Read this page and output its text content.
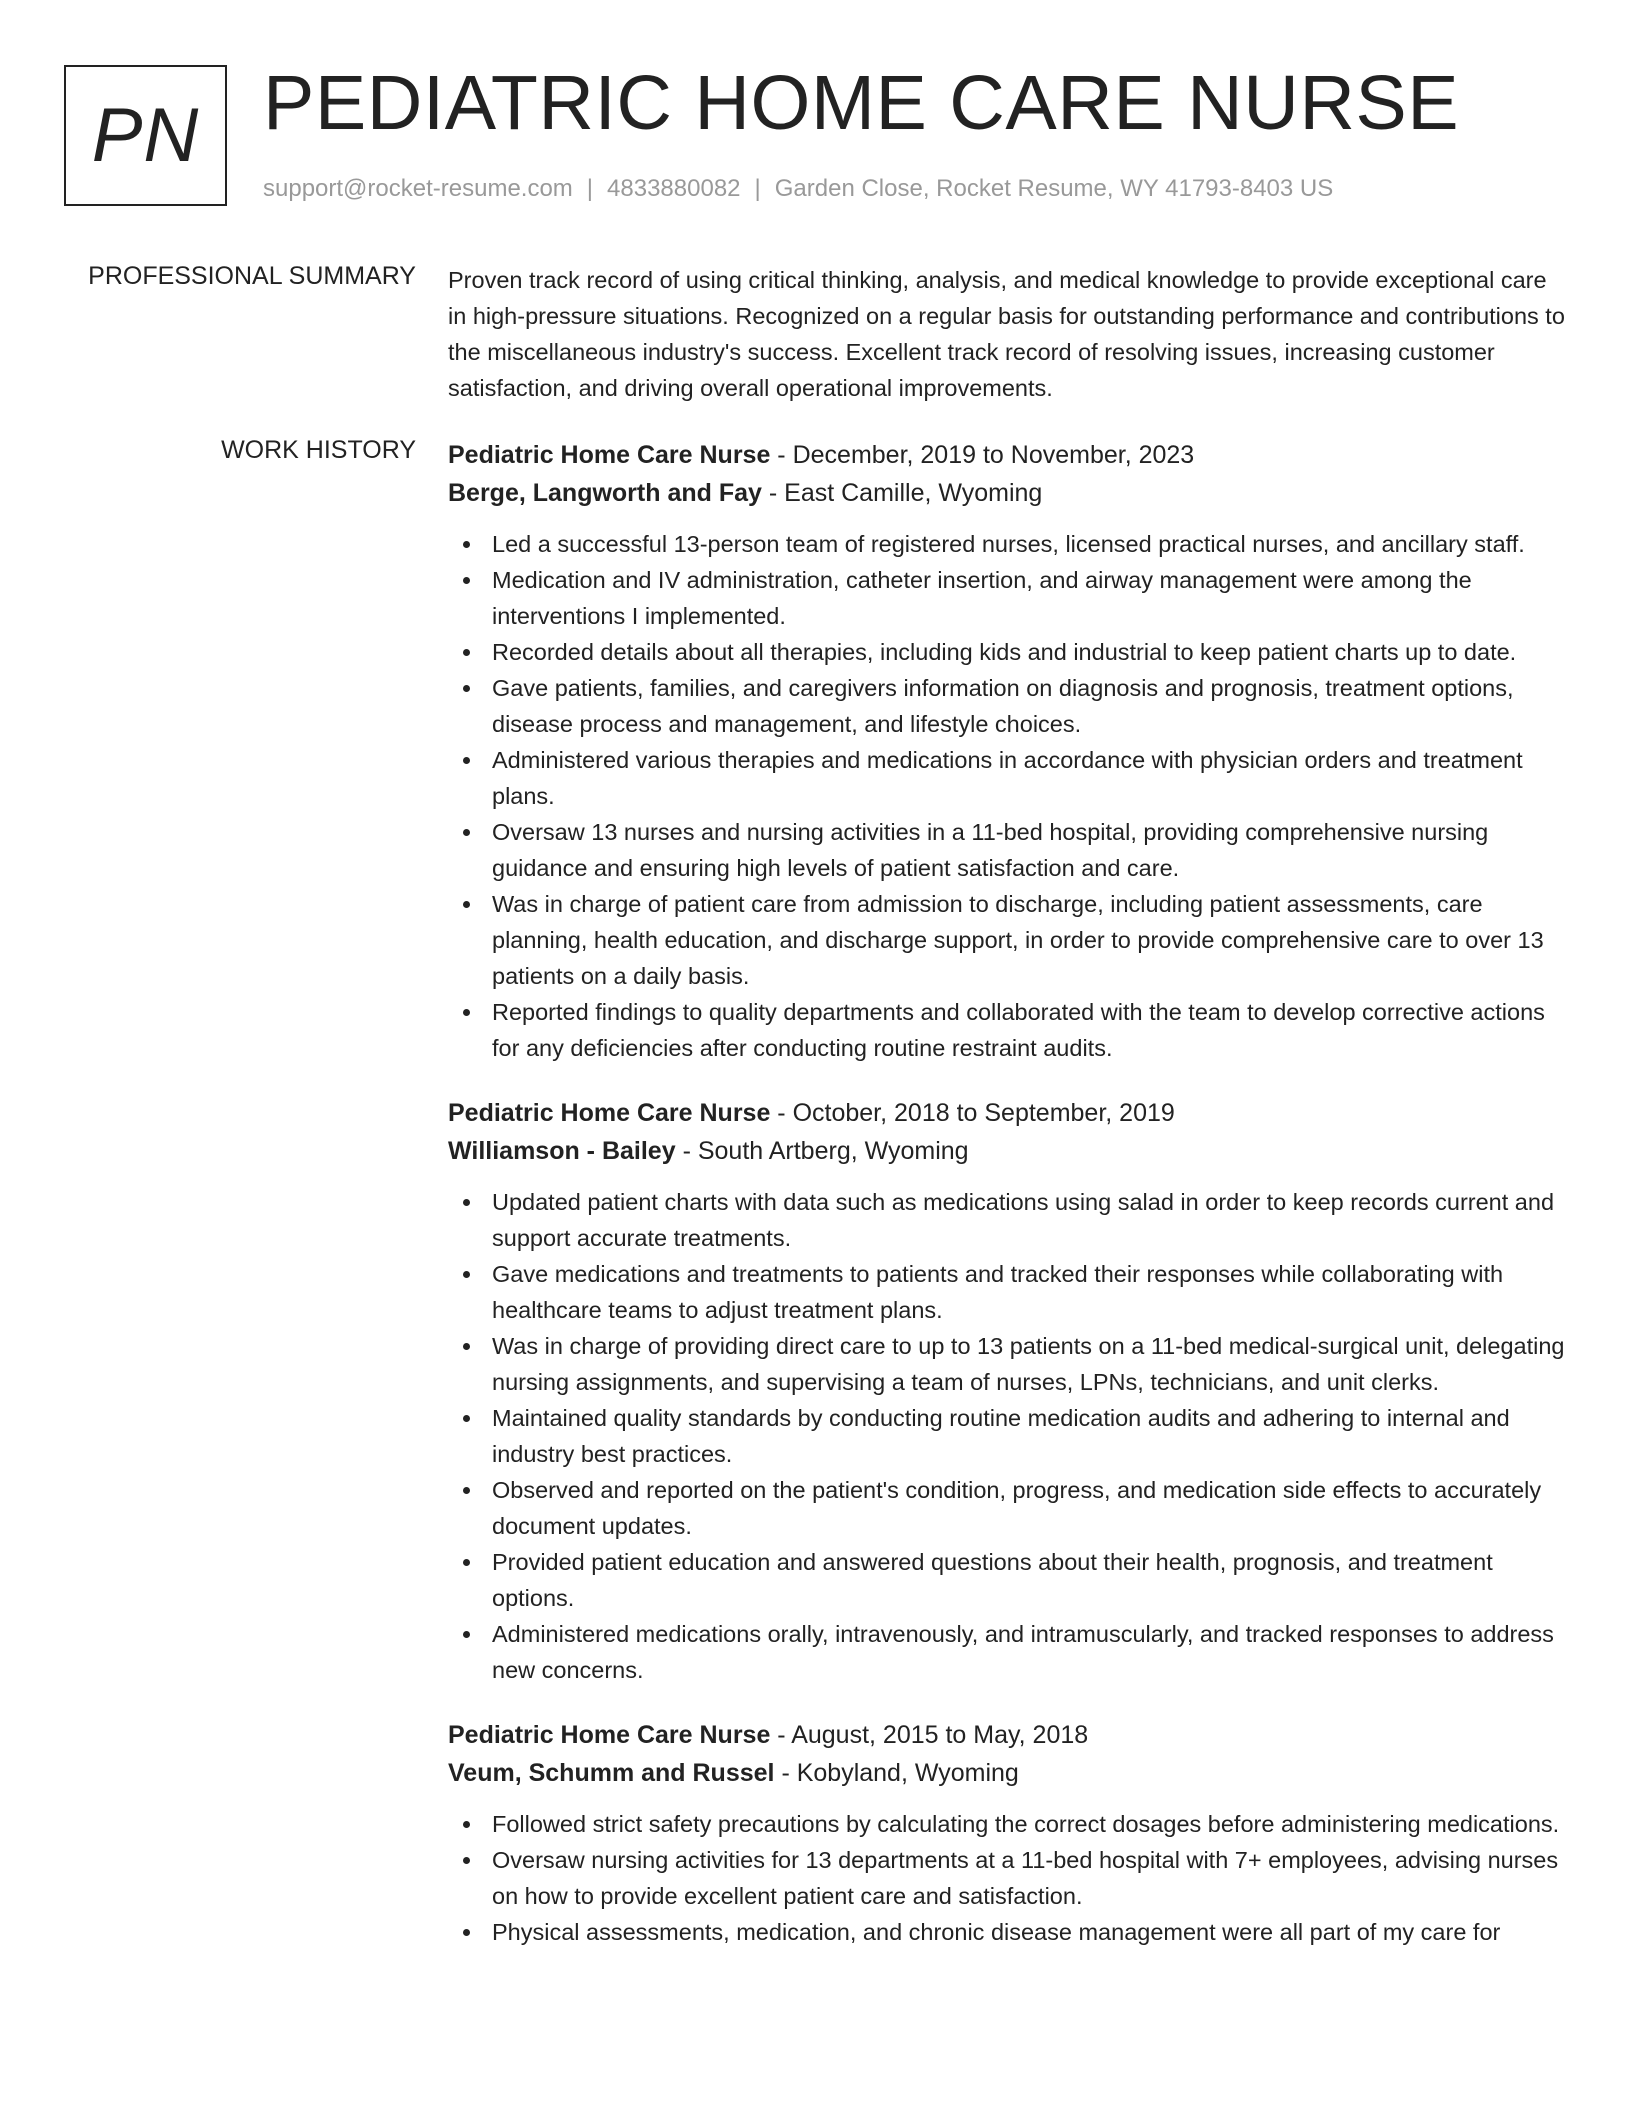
PN PEDIATRIC HOME CARE NURSE
support@rocket-resume.com | 4833880082 | Garden Close, Rocket Resume, WY 41793-8403 US
PROFESSIONAL SUMMARY Proven track record of using critical thinking, analysis, and medical knowledge to provide exceptional care in high-pressure situations. Recognized on a regular basis for outstanding performance and contributions to the miscellaneous industry's success. Excellent track record of resolving issues, increasing customer satisfaction, and driving overall operational improvements.

WORK HISTORY Pediatric Home Care Nurse - December, 2019 to November, 2023
Berge, Langworth and Fay - East Camille, Wyoming
Led a successful 13-person team of registered nurses, licensed practical nurses, and ancillary staff.
Medication and IV administration, catheter insertion, and airway management were among the interventions I implemented.
Recorded details about all therapies, including kids and industrial to keep patient charts up to date.
Gave patients, families, and caregivers information on diagnosis and prognosis, treatment options, disease process and management, and lifestyle choices.
Administered various therapies and medications in accordance with physician orders and treatment plans.
Oversaw 13 nurses and nursing activities in a 11-bed hospital, providing comprehensive nursing guidance and ensuring high levels of patient satisfaction and care.
Was in charge of patient care from admission to discharge, including patient assessments, care planning, health education, and discharge support, in order to provide comprehensive care to over 13 patients on a daily basis.
Reported findings to quality departments and collaborated with the team to develop corrective actions for any deficiencies after conducting routine restraint audits.
Pediatric Home Care Nurse - October, 2018 to September, 2019
Williamson - Bailey - South Artberg, Wyoming
Updated patient charts with data such as medications using salad in order to keep records current and support accurate treatments.
Gave medications and treatments to patients and tracked their responses while collaborating with healthcare teams to adjust treatment plans.
Was in charge of providing direct care to up to 13 patients on a 11-bed medical-surgical unit, delegating nursing assignments, and supervising a team of nurses, LPNs, technicians, and unit clerks.
Maintained quality standards by conducting routine medication audits and adhering to internal and industry best practices.
Observed and reported on the patient's condition, progress, and medication side effects to accurately document updates.
Provided patient education and answered questions about their health, prognosis, and treatment options.
Administered medications orally, intravenously, and intramuscularly, and tracked responses to address new concerns.
Pediatric Home Care Nurse - August, 2015 to May, 2018
Veum, Schumm and Russel - Kobyland, Wyoming
Followed strict safety precautions by calculating the correct dosages before administering medications.
Oversaw nursing activities for 13 departments at a 11-bed hospital with 7+ employees, advising nurses on how to provide excellent patient care and satisfaction.
Physical assessments, medication, and chronic disease management were all part of my care for
